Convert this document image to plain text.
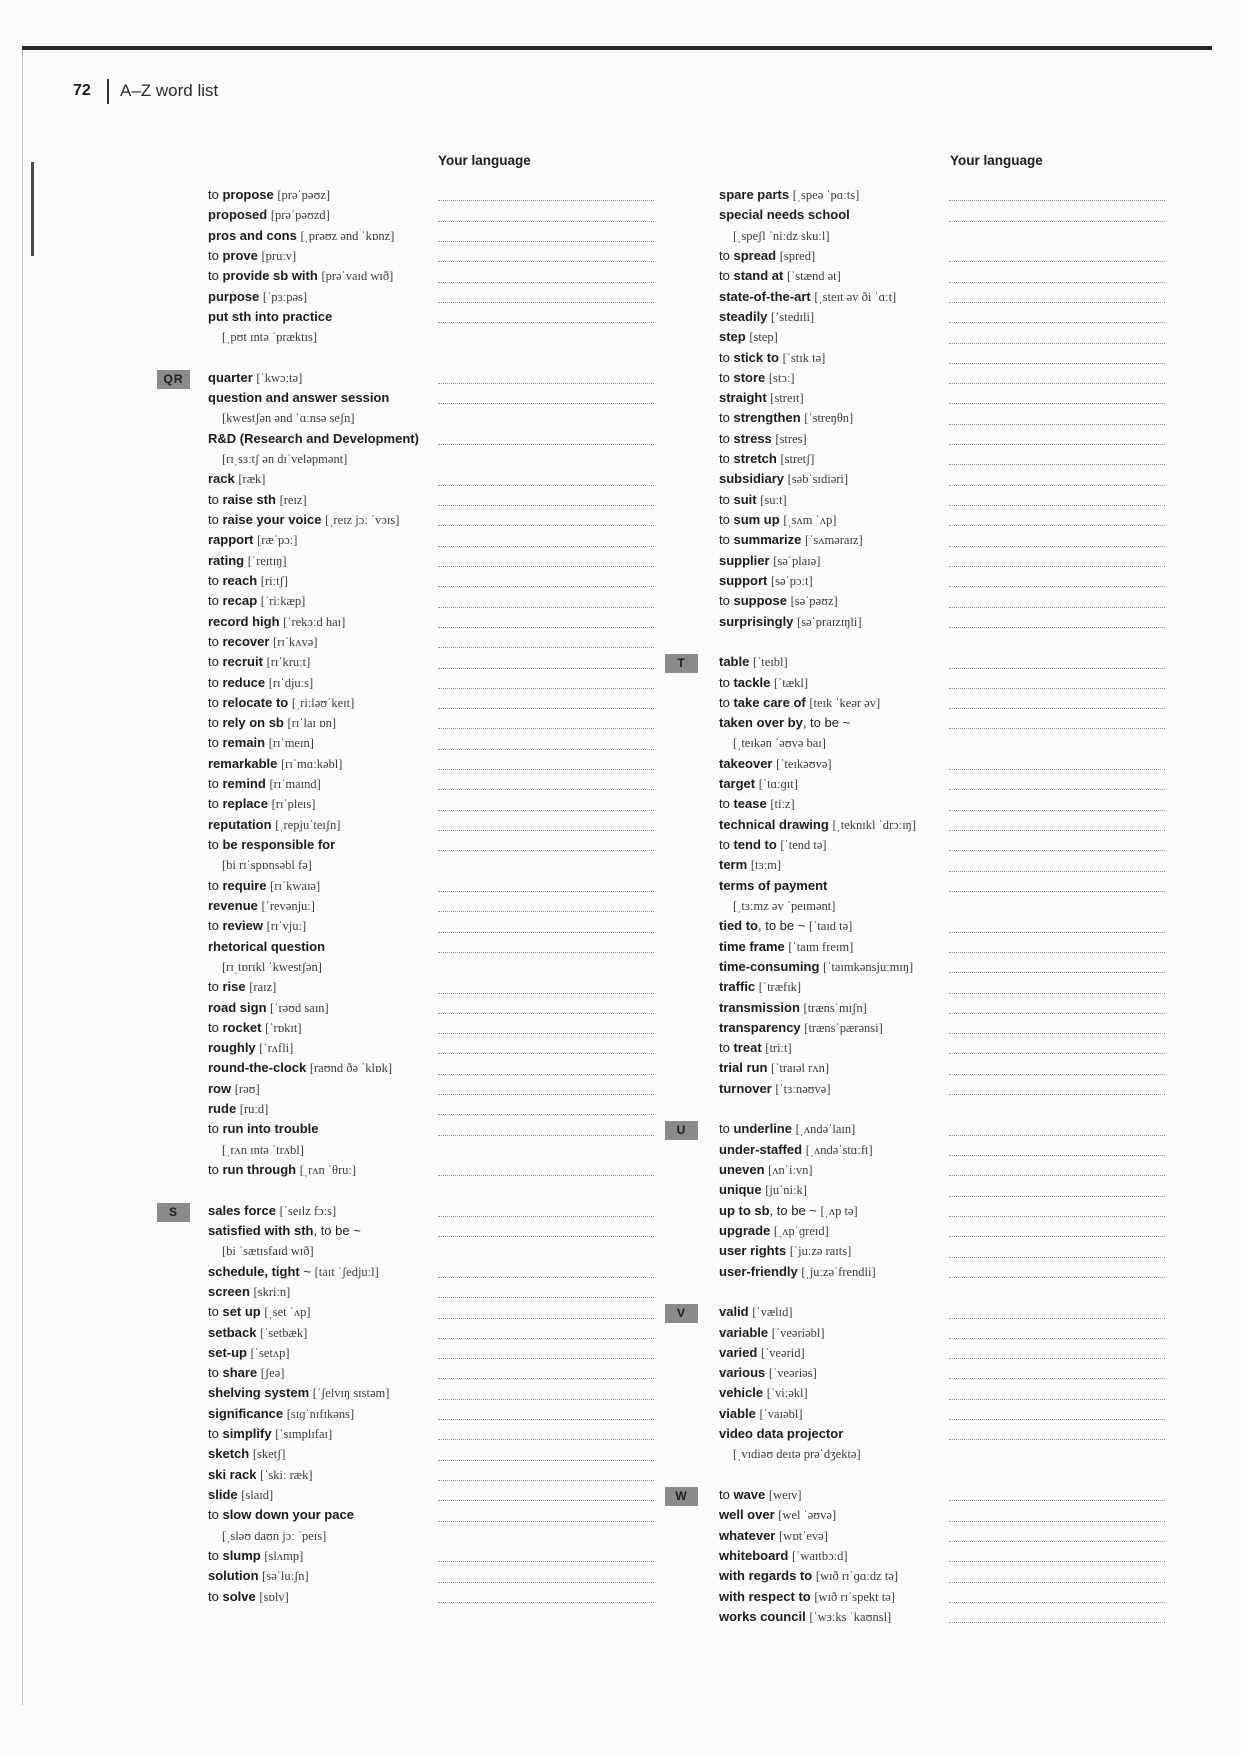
72 A–Z word list
Your language	Your language
to propose [prəˈpəʊz]
proposed [prəˈpəʊzd]
pros and cons [ˌprəʊz ənd ˈkɒnz]
to prove [pruːv]
to provide sb with [prəˈvaɪd wɪð]
purpose [ˈpɜːpəs]
put sth into practice
[ˌpʊt ɪntə ˈpræktɪs]
QR	quarter [ˈkwɔːtə]
question and answer session
[kwestʃən ənd ˈɑːnsə seʃn]
R&D (Research and Development)
[rɪˌsɜːtʃ ən dɪˈveləpmənt]
rack [ræk]
to raise sth [reɪz]
to raise your voice [ˌreɪz jɔː ˈvɔɪs]
rapport [ræˈpɔː]
rating [ˈreɪtɪŋ]
to reach [riːtʃ]
to recap [ˈriːkæp]
record high [ˈrekɔːd haɪ]
to recover [rɪˈkʌvə]
to recruit [rɪˈkruːt]
to reduce [rɪˈdjuːs]
to relocate to [ˌriːləʊˈkeɪt]
to rely on sb [rɪˈlaɪ ɒn]
to remain [rɪˈmeɪn]
remarkable [rɪˈmɑːkəbl]
to remind [rɪˈmaɪnd]
to replace [rɪˈpleɪs]
reputation [ˌrepjuˈteɪʃn]
to be responsible for
[bi rɪˈspɒnsəbl fə]
to require [rɪˈkwaɪə]
revenue [ˈrevənjuː]
to review [rɪˈvjuː]
rhetorical question
[rɪˌtɒrɪkl ˈkwestʃən]
to rise [raɪz]
road sign [ˈrəʊd saɪn]
to rocket [ˈrɒkɪt]
roughly [ˈrʌfli]
round-the-clock [raʊnd ðə ˈklɒk]
row [rəʊ]
rude [ruːd]
to run into trouble
[ˌrʌn ɪntə ˈtrʌbl]
to run through [ˌrʌn ˈθruː]
S	sales force [ˈseɪlz fɔːs]
satisfied with sth, to be ~
[bi ˈsætɪsfaɪd wɪð]
schedule, tight ~ [taɪt ˈʃedjuːl]
screen [skriːn]
to set up [ˌset ˈʌp]
setback [ˈsetbæk]
set-up [ˈsetʌp]
to share [ʃeə]
shelving system [ˈʃelvɪŋ sɪstəm]
significance [sɪɡˈnɪfɪkəns]
to simplify [ˈsɪmplɪfaɪ]
sketch [sketʃ]
ski rack [ˈskiː ræk]
slide [slaɪd]
to slow down your pace
[ˌsləʊ daʊn jɔː ˈpeɪs]
to slump [slʌmp]
solution [səˈluːʃn]
to solve [sɒlv]
spare parts [ˌspeə ˈpɑːts]
special needs school
[ˌspeʃl ˈniːdz skuːl]
to spread [spred]
to stand at [ˈstænd ət]
state-of-the-art [ˌsteɪt əv ði ˈɑːt]
steadily [ˈstedɪli]
step [step]
to stick to [ˈstɪk tə]
to store [stɔː]
straight [streɪt]
to strengthen [ˈstreŋθn]
to stress [stres]
to stretch [stretʃ]
subsidiary [səbˈsɪdiəri]
to suit [suːt]
to sum up [ˌsʌm ˈʌp]
to summarize [ˈsʌməraɪz]
supplier [səˈplaɪə]
support [səˈpɔːt]
to suppose [səˈpəʊz]
surprisingly [səˈpraɪzɪŋli]
T	table [ˈteɪbl]
to tackle [ˈtækl]
to take care of [teɪk ˈkeər əv]
taken over by, to be ~
[ˌteɪkən ˈəʊvə baɪ]
takeover [ˈteɪkəʊvə]
target [ˈtɑːɡɪt]
to tease [tiːz]
technical drawing [ˌteknɪkl ˈdrɔːɪŋ]
to tend to [ˈtend tə]
term [tɜːm]
terms of payment
[ˌtɜːmz əv ˈpeɪmənt]
tied to, to be ~ [ˈtaɪd tə]
time frame [ˈtaɪm freɪm]
time-consuming [ˈtaɪmkənsjuːmɪŋ]
traffic [ˈtræfɪk]
transmission [trænsˈmɪʃn]
transparency [trænsˈpærənsi]
to treat [triːt]
trial run [ˈtraɪəl rʌn]
turnover [ˈtɜːnəʊvə]
U	to underline [ˌʌndəˈlaɪn]
under-staffed [ˌʌndəˈstɑːft]
uneven [ʌnˈiːvn]
unique [juˈniːk]
up to sb, to be ~ [ˌʌp tə]
upgrade [ˌʌpˈɡreɪd]
user rights [ˈjuːzə raɪts]
user-friendly [ˌjuːzəˈfrendli]
V	valid [ˈvælɪd]
variable [ˈveəriəbl]
varied [ˈveərid]
various [ˈveəriəs]
vehicle [ˈviːəkl]
viable [ˈvaɪəbl]
video data projector
[ˌvɪdiəʊ deɪtə prəˈdʒektə]
W	to wave [weɪv]
well over [wel ˈəʊvə]
whatever [wɒtˈevə]
whiteboard [ˈwaɪtbɔːd]
with regards to [wɪð rɪˈɡɑːdz tə]
with respect to [wɪð rɪˈspekt tə]
works council [ˈwɜːks ˈkaʊnsl]
